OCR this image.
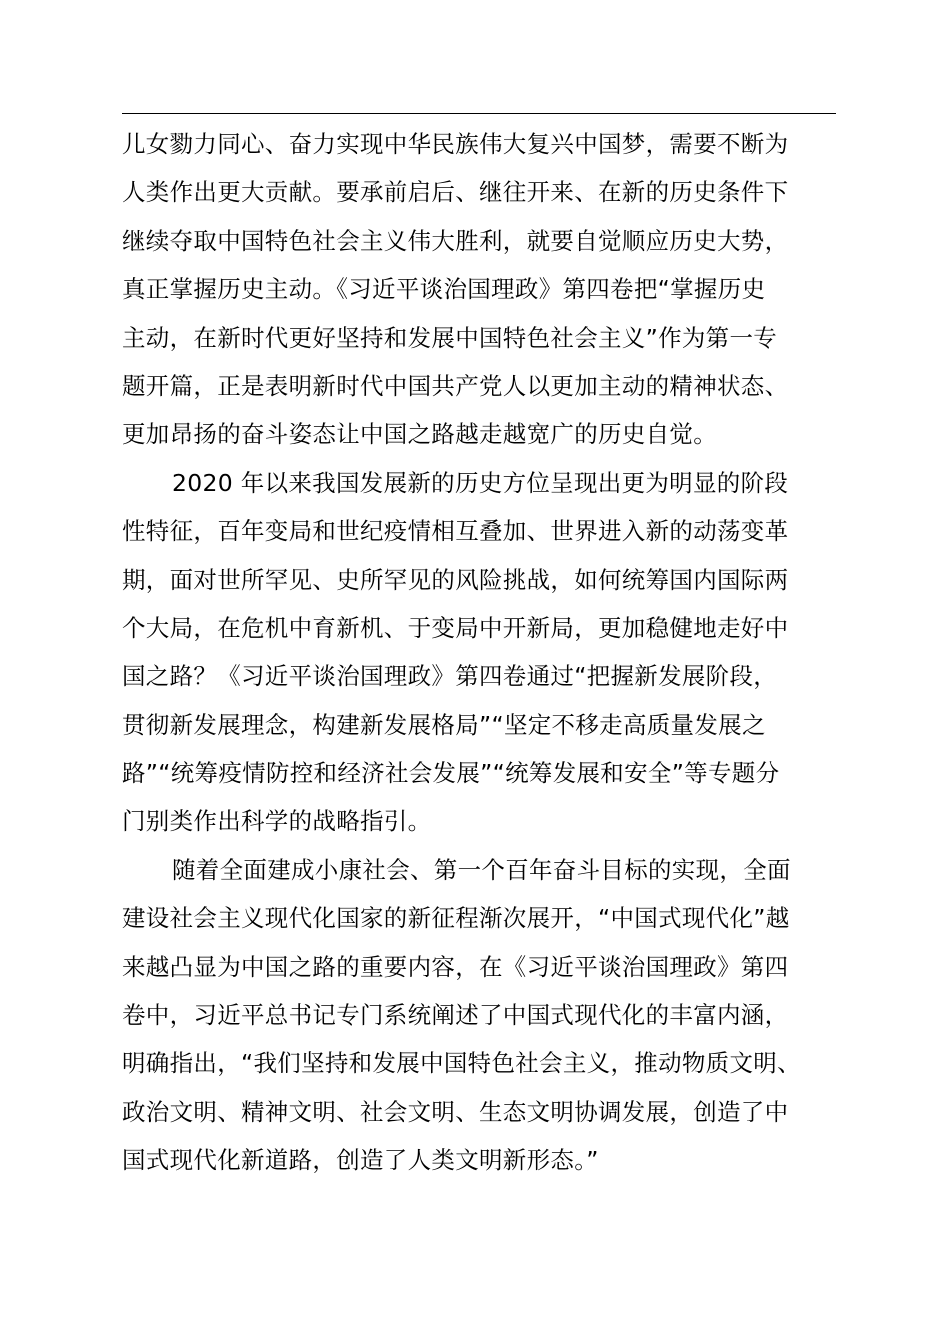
儿女勠力同心、奋力实现中华民族伟大复兴中国梦，需要不断为
人类作出更大贡献。要承前启后、继往开来、在新的历史条件下
继续夺取中国特色社会主义伟大胜利，就要自觉顺应历史大势，
真正掌握历史主动。《习近平谈治国理政》第四卷把“掌握历史
主动，在新时代更好坚持和发展中国特色社会主义”作为第一专
题开篇，正是表明新时代中国共产党人以更加主动的精神状态、
更加昂扬的奋斗姿态让中国之路越走越宽广的历史自觉。
2020 年以来我国发展新的历史方位呈现出更为明显的阶段
性特征，百年变局和世纪疫情相互叠加、世界进入新的动荡变革
期，面对世所罕见、史所罕见的风险挑战，如何统筹国内国际两
个大局，在危机中育新机、于变局中开新局，更加稳健地走好中
国之路？《习近平谈治国理政》第四卷通过“把握新发展阶段，
贯彻新发展理念，构建新发展格局”“坚定不移走高质量发展之
路”“统筹疫情防控和经济社会发展”“统筹发展和安全”等专题分
门别类作出科学的战略指引。
随着全面建成小康社会、第一个百年奋斗目标的实现，全面
建设社会主义现代化国家的新征程渐次展开，“中国式现代化”越
来越凸显为中国之路的重要内容，在《习近平谈治国理政》第四
卷中，习近平总书记专门系统阐述了中国式现代化的丰富内涵，
明确指出，“我们坚持和发展中国特色社会主义，推动物质文明、
政治文明、精神文明、社会文明、生态文明协调发展，创造了中
国式现代化新道路，创造了人类文明新形态。”
